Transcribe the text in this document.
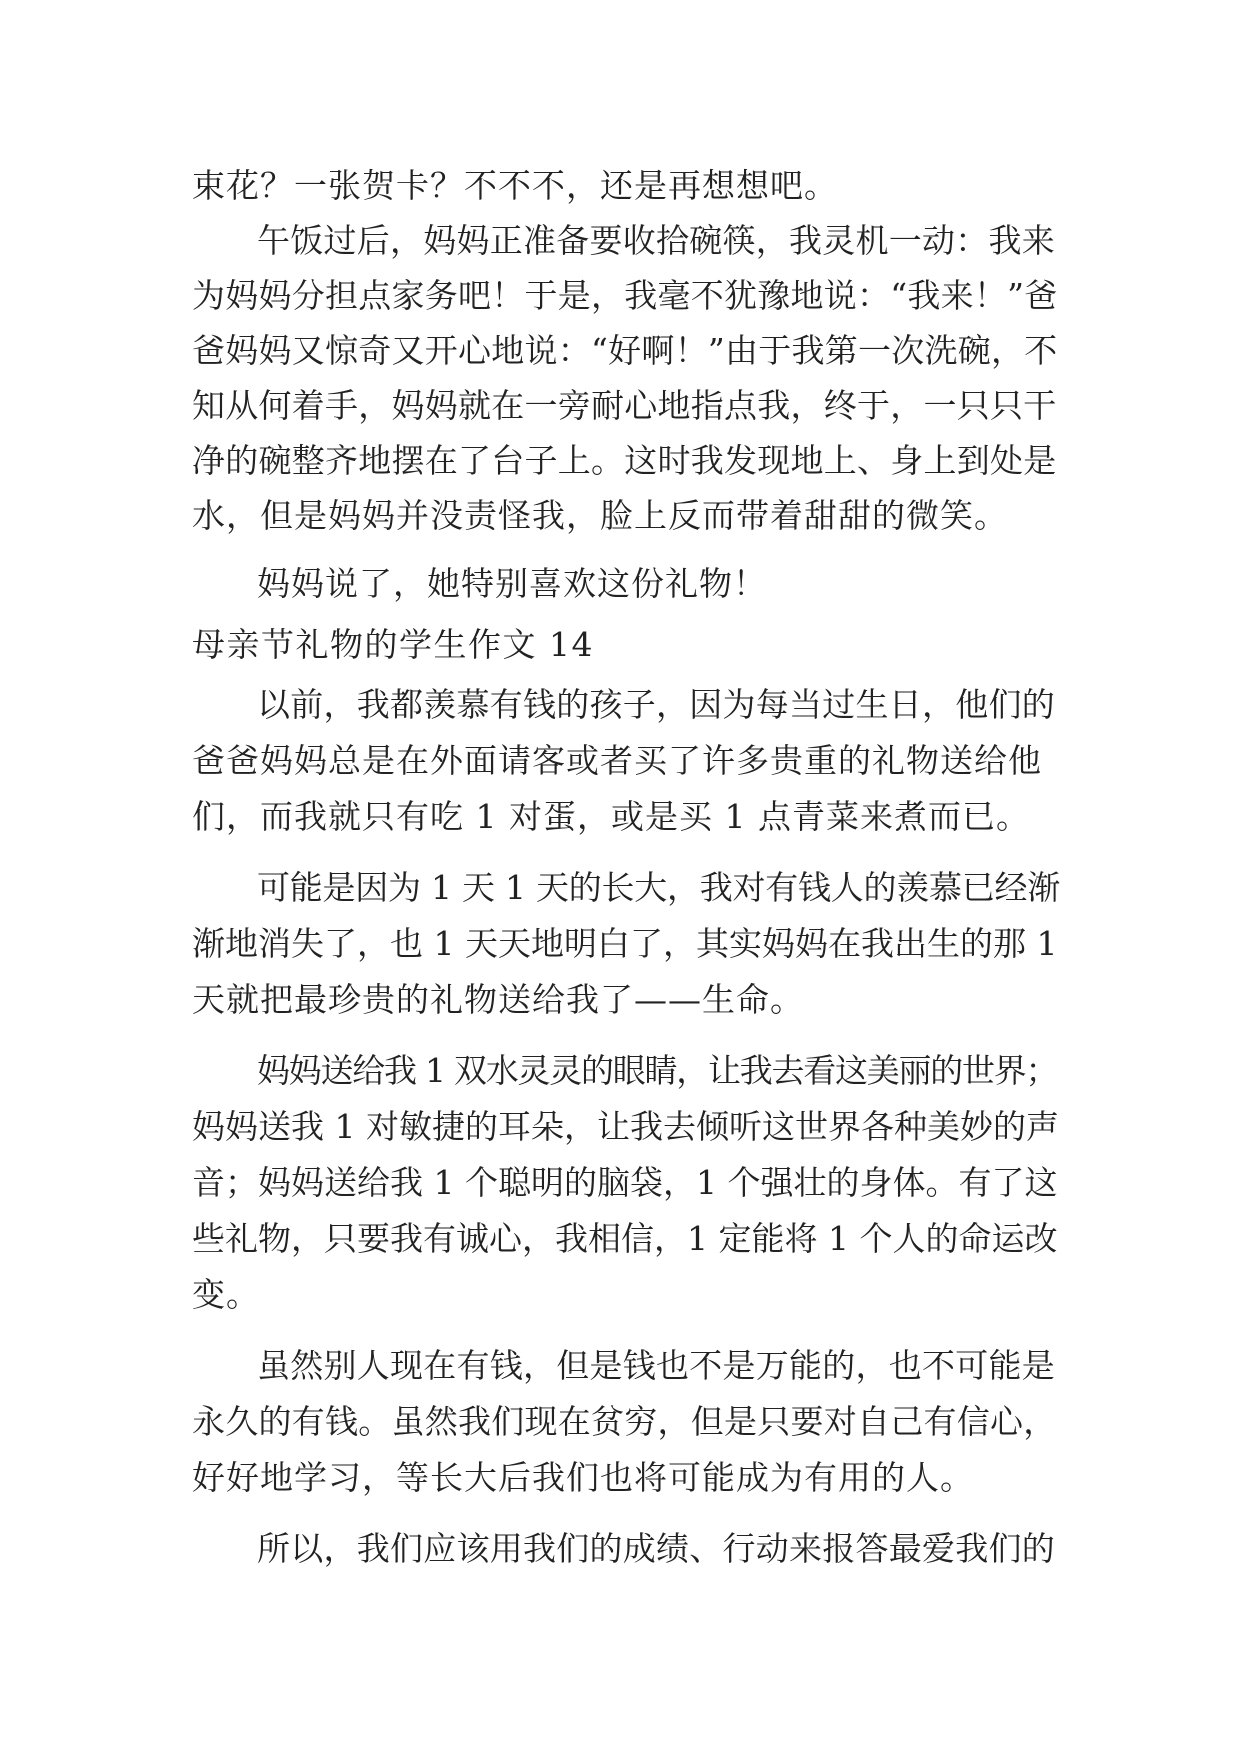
束花？一张贺卡？不不不，还是再想想吧。
午饭过后，妈妈正准备要收拾碗筷，我灵机一动：我来
为妈妈分担点家务吧！于是，我毫不犹豫地说：“我来！”爸
爸妈妈又惊奇又开心地说：“好啊！”由于我第一次洗碗，不
知从何着手，妈妈就在一旁耐心地指点我，终于，一只只干
净的碗整齐地摆在了台子上。这时我发现地上、身上到处是
水，但是妈妈并没责怪我，脸上反而带着甜甜的微笑。
妈妈说了，她特别喜欢这份礼物！
母亲节礼物的学生作文 14
以前，我都羡慕有钱的孩子，因为每当过生日，他们的
爸爸妈妈总是在外面请客或者买了许多贵重的礼物送给他
们，而我就只有吃 1 对蛋，或是买 1 点青菜来煮而已。
可能是因为 1 天 1 天的长大，我对有钱人的羡慕已经渐
渐地消失了，也 1 天天地明白了，其实妈妈在我出生的那 1
天就把最珍贵的礼物送给我了——生命。
妈妈送给我 1 双水灵灵的眼睛，让我去看这美丽的世界；
妈妈送我 1 对敏捷的耳朵，让我去倾听这世界各种美妙的声
音；妈妈送给我 1 个聪明的脑袋，1 个强壮的身体。有了这
些礼物，只要我有诚心，我相信，1 定能将 1 个人的命运改
变。
虽然别人现在有钱，但是钱也不是万能的，也不可能是
永久的有钱。虽然我们现在贫穷，但是只要对自己有信心，
好好地学习，等长大后我们也将可能成为有用的人。
所以，我们应该用我们的成绩、行动来报答最爱我们的
